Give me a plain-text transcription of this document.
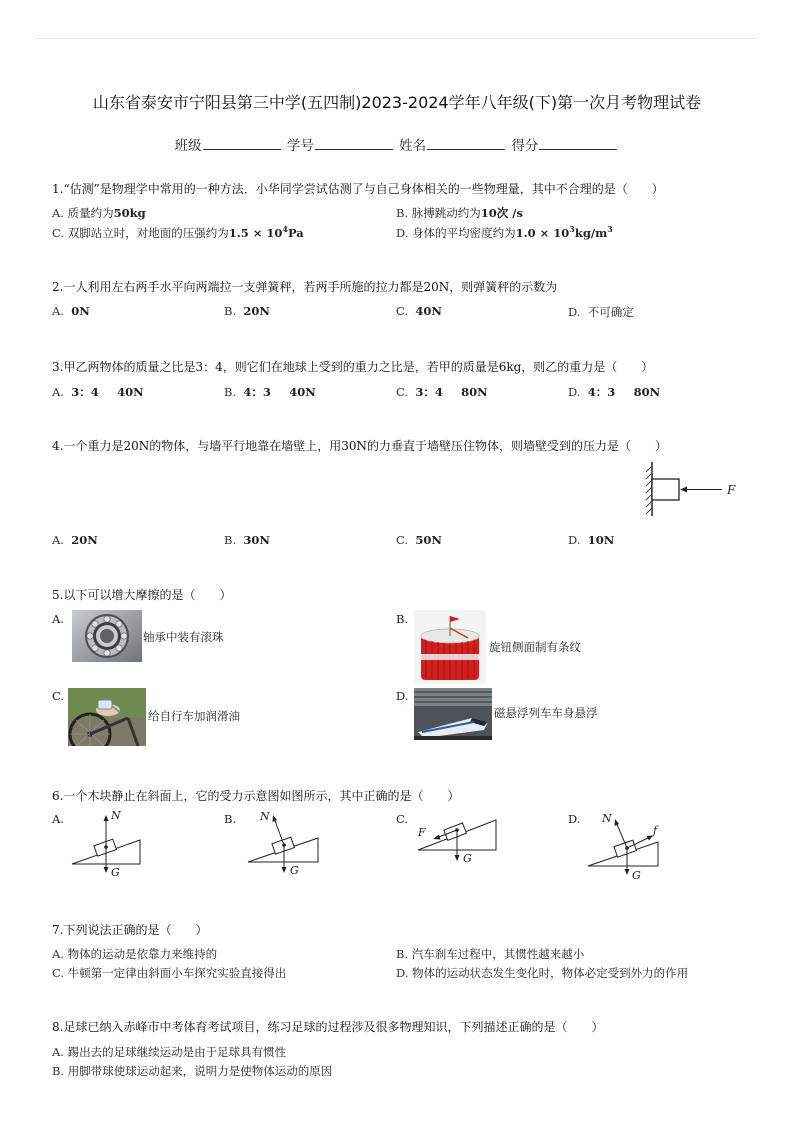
山东省泰安市宁阳县第三中学(五四制)2023-2024学年八年级(下)第一次月考物理试卷
班级	学号	姓名	得分
1.“估测”是物理学中常用的一种方法．小华同学尝试估测了与自己身体相关的一些物理量，其中不合理的是（　　）
A. 质量约为50kg	B. 脉搏跳动约为10次 /s
C. 双脚站立时，对地面的压强约为$1.5 \times 10^4Pa$	D. 身体的平均密度约为$1.0 \times 10^3kg/m^3$
2.一人利用左右两手水平向两端拉一支弹簧秤，若两手所施的拉力都是20N，则弹簧秤的示数为
A. 0N	B. 20N	C. 40N	D. 不可确定
3.甲乙两物体的质量之比是3：4，则它们在地球上受到的重力之比是，若甲的质量是6kg，则乙的重力是（　　）
A. 3：4 40N	B. 4：3 40N	C. 3：4 80N	D. 4：3 80N
4.一个重力是20N的物体，与墙平行地靠在墙壁上，用30N的力垂直于墙壁压住物体，则墙壁受到的压力是（　　）
F
A. 20N	B. 30N	C. 50N	D. 10N
5.以下可以增大摩擦的是（　　）
A.
轴承中装有滚珠
B.
旋钮侧面制有条纹
C.
给自行车加润滑油
D.
磁悬浮列车车身悬浮
6.一个木块静止在斜面上，它的受力示意图如图所示，其中正确的是（　　）
A.	N
G
B. N
G
C.
F
G
D. N
f
G
7.下列说法正确的是（　　）
A. 物体的运动是依靠力来维持的	B. 汽车刹车过程中，其惯性越来越小
C. 牛顿第一定律由斜面小车探究实验直接得出	D. 物体的运动状态发生变化时，物体必定受到外力的作用
8.足球已纳入赤峰市中考体育考试项目，练习足球的过程涉及很多物理知识，下列描述正确的是（　　）
A. 踢出去的足球继续运动是由于足球具有惯性
B. 用脚带球使球运动起来，说明力是使物体运动的原因
